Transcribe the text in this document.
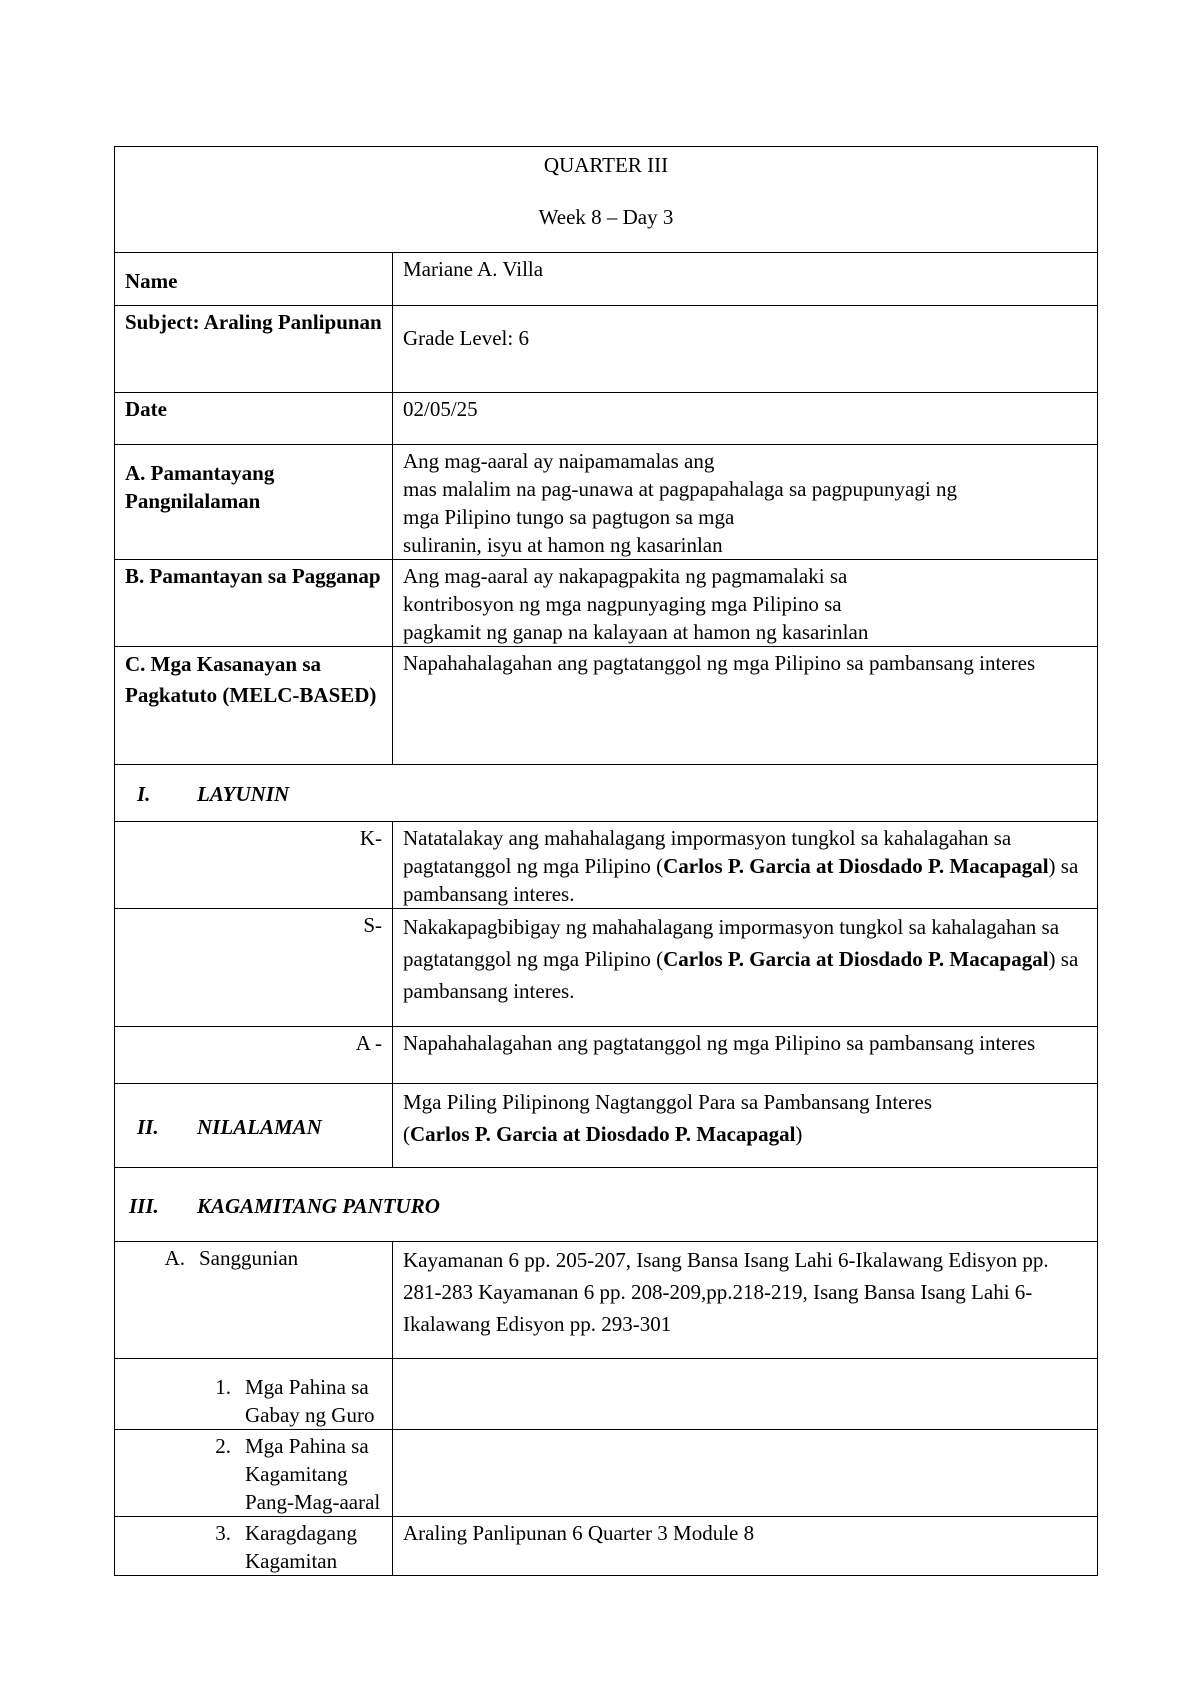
QUARTER III
Week 8 – Day 3	

Name	Mariane A. Villa
Subject: Araling Panlipunan	Grade Level: 6
Date	02/05/25
A. Pamantayang Pangnilalaman	Ang mag-aaral ay naipamamalas ang
mas malalim na pag-unawa at pagpapahalaga sa pagpupunyagi ng
mga Pilipino tungo sa pagtugon sa mga
suliranin, isyu at hamon ng kasarinlan

B. Pamantayan sa Pagganap	Ang mag-aaral ay nakapagpakita ng pagmamalaki sa
kontribosyon ng mga nagpunyaging mga Pilipino sa
pagkamit ng ganap na kalayaan at hamon ng kasarinlan

C. Mga Kasanayan sa Pagkatuto (MELC-BASED)	Napahahalagahan ang pagtatanggol ng mga Pilipino sa pambansang interes
I. LAYUNIN	
K-	Natatalakay ang mahahalagang impormasyon tungkol sa kahalagahan sa pagtatanggol ng mga Pilipino (Carlos P. Garcia at Diosdado P. Macapagal) sa pambansang interes.
S-	Nakakapagbibigay ng mahahalagang impormasyon tungkol sa kahalagahan sa pagtatanggol ng mga Pilipino (Carlos P. Garcia at Diosdado P. Macapagal) sa pambansang interes.
A -	Napahahalagahan ang pagtatanggol ng mga Pilipino sa pambansang interes
II. NILALAMAN	Mga Piling Pilipinong Nagtanggol Para sa Pambansang Interes
(Carlos P. Garcia at Diosdado P. Macapagal)

III. KAGAMITANG PANTURO	

A. Sanggunian	Kayamanan 6 pp. 205-207, Isang Bansa Isang Lahi 6-Ikalawang Edisyon pp. 281-283 Kayamanan 6 pp. 208-209,pp.218-219, Isang Bansa Isang Lahi 6-Ikalawang Edisyon pp. 293-301

1. Mga Pahina sa Gabay ng Guro	

2. Mga Pahina sa Kagamitang Pang-Mag-aaral	

3. Karagdagang Kagamitan	Araling Panlipunan 6 Quarter 3 Module 8
